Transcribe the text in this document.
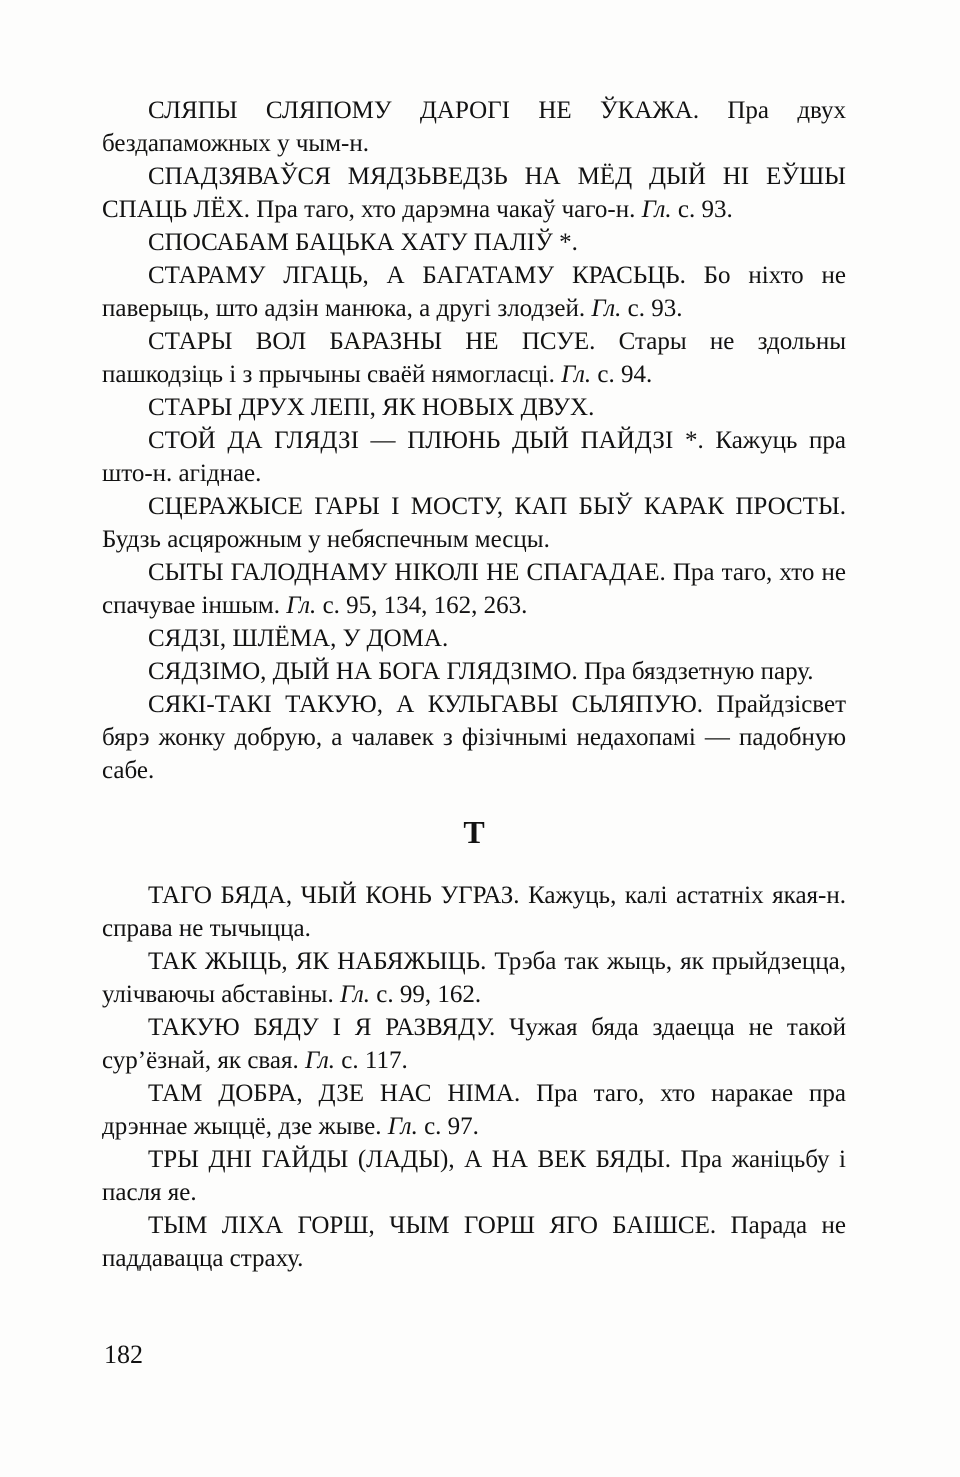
СЛЯПЫ СЛЯПОМУ ДАРОГІ НЕ ЎКАЖА. Пра двух бездапаможных у чым-н.

СПАДЗЯВАЎСЯ МЯДЗЬВЕДЗЬ НА МЁД ДЫЙ НІ ЕЎШЫ СПАЦЬ ЛЁХ. Пра таго, хто дарэмна чакаў чаго-н. Гл. с. 93.

СПОСАБАМ БАЦЬКА ХАТУ ПАЛІЎ *.

СТАРАМУ ЛГАЦЬ, А БАГАТАМУ КРАСЬЦЬ. Бо ніхто не паверыць, што адзін манюка, а другі злодзей. Гл. с. 93.

СТАРЫ ВОЛ БАРАЗНЫ НЕ ПСУЕ. Стары не здольны пашкодзіць і з прычыны сваёй нямогласці. Гл. с. 94.

СТАРЫ ДРУХ ЛЕПІ, ЯК НОВЫХ ДВУХ.

СТОЙ ДА ГЛЯДЗІ — ПЛЮНЬ ДЫЙ ПАЙДЗІ *. Кажуць пра што-н. агіднае.

СЦЕРАЖЫСЕ ГАРЫ І МОСТУ, КАП БЫЎ КАРАК ПРОСТЫ. Будзь асцярожным у небяспечным месцы.

СЫТЫ ГАЛОДНАМУ НІКОЛІ НЕ СПАГАДАЕ. Пра таго, хто не спачувае іншым. Гл. с. 95, 134, 162, 263.

СЯДЗІ, ШЛЁМА, У ДОМА.

СЯДЗІМО, ДЫЙ НА БОГА ГЛЯДЗІМО. Пра бяздзетную пару.

СЯКІ-ТАКІ ТАКУЮ, А КУЛЬГАВЫ СЬЛЯПУЮ. Прайдзісвет бярэ жонку добрую, а чалавек з фізічнымі недахопамі — падобную сабе.

Т

ТАГО БЯДА, ЧЫЙ КОНЬ УГРАЗ. Кажуць, калі астатніх якая-н. справа не тычыцца.

ТАК ЖЫЦЬ, ЯК НАБЯЖЫЦЬ. Трэба так жыць, як прыйдзецца, улічваючы абставіны. Гл. с. 99, 162.

ТАКУЮ БЯДУ І Я РАЗВЯДУ. Чужая бяда здаецца не такой сур’ёзнай, як свая. Гл. с. 117.

ТАМ ДОБРА, ДЗЕ НАС НІМА. Пра таго, хто наракае пра дрэннае жыццё, дзе жыве. Гл. с. 97.

ТРЫ ДНІ ГАЙДЫ (ЛАДЫ), А НА ВЕК БЯДЫ. Пра жаніцьбу і пасля яе.

ТЫМ ЛІХА ГОРШ, ЧЫМ ГОРШ ЯГО БАІШСЕ. Парада не паддавацца страху.

182
